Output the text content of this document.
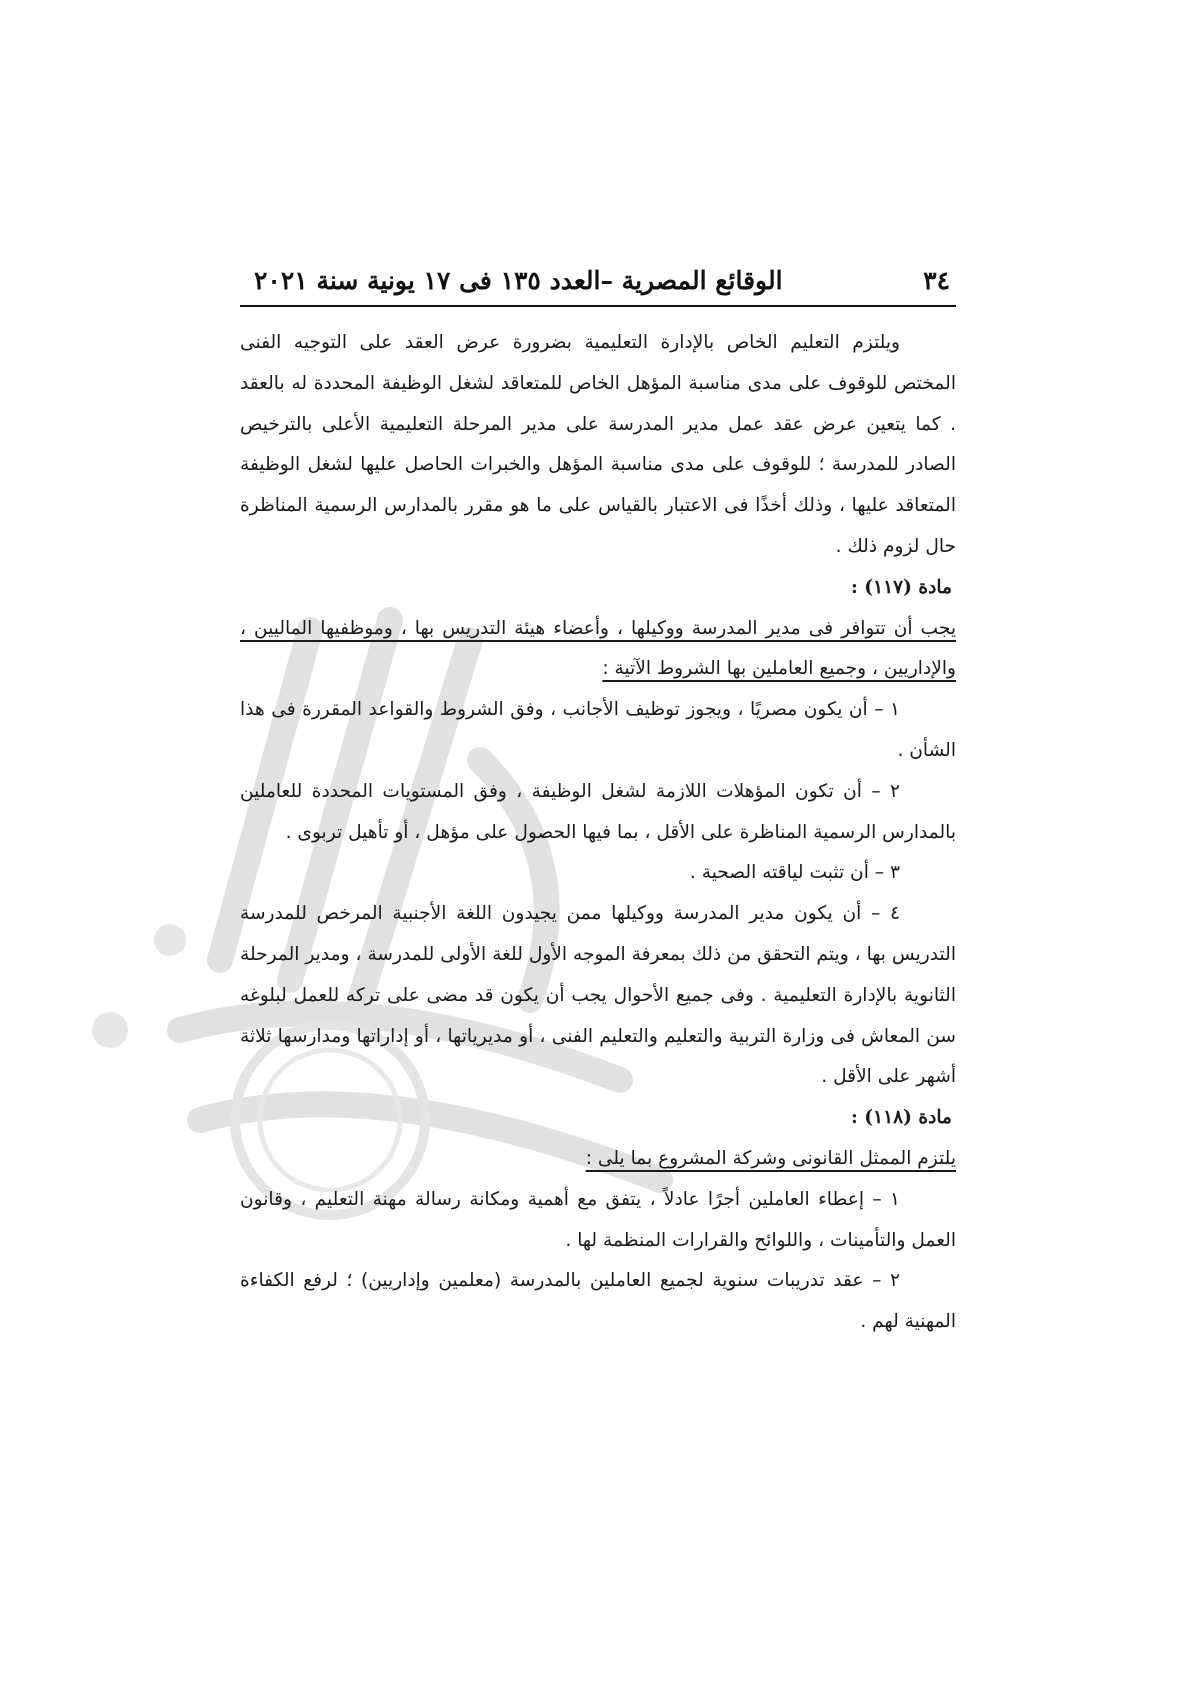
٣٤
الوقائع المصرية –العدد ١٣٥ فى ١٧ يونية سنة ٢٠٢١

ويلتزم التعليم الخاص بالإدارة التعليمية بضرورة عرض العقد على التوجيه الفنى المختص للوقوف على مدى مناسبة المؤهل الخاص للمتعاقد لشغل الوظيفة المحددة له بالعقد . كما يتعين عرض عقد عمل مدير المدرسة على مدير المرحلة التعليمية الأعلى بالترخيص الصادر للمدرسة ؛ للوقوف على مدى مناسبة المؤهل والخبرات الحاصل عليها لشغل الوظيفة المتعاقد عليها ، وذلك أخذًا فى الاعتبار بالقياس على ما هو مقرر بالمدارس الرسمية المناظرة حال لزوم ذلك .

مادة (١١٧) :

يجب أن تتوافر فى مدير المدرسة ووكيلها ، وأعضاء هيئة التدريس بها ، وموظفيها الماليين ، والإداريين ، وجميع العاملين بها الشروط الآتية :

١ – أن يكون مصريًا ، ويجوز توظيف الأجانب ، وفق الشروط والقواعد المقررة فى هذا الشأن .

٢ – أن تكون المؤهلات اللازمة لشغل الوظيفة ، وفق المستويات المحددة للعاملين بالمدارس الرسمية المناظرة على الأقل ، بما فيها الحصول على مؤهل ، أو تأهيل تربوى .

٣ – أن تثبت لياقته الصحية .

٤ – أن يكون مدير المدرسة ووكيلها ممن يجيدون اللغة الأجنبية المرخص للمدرسة التدريس بها ، ويتم التحقق من ذلك بمعرفة الموجه الأول للغة الأولى للمدرسة ، ومدير المرحلة الثانوية بالإدارة التعليمية . وفى جميع الأحوال يجب أن يكون قد مضى على تركه للعمل لبلوغه سن المعاش فى وزارة التربية والتعليم والتعليم الفنى ، أو مديرياتها ، أو إداراتها ومدارسها ثلاثة أشهر على الأقل .

مادة (١١٨) :

يلتزم الممثل القانونى وشركة المشروع بما يلى :

١ – إعطاء العاملين أجرًا عادلاً ، يتفق مع أهمية ومكانة رسالة مهنة التعليم ، وقانون العمل والتأمينات ، واللوائح والقرارات المنظمة لها .

٢ – عقد تدريبات سنوية لجميع العاملين بالمدرسة (معلمين وإداريين) ؛ لرفع الكفاءة المهنية لهم .
